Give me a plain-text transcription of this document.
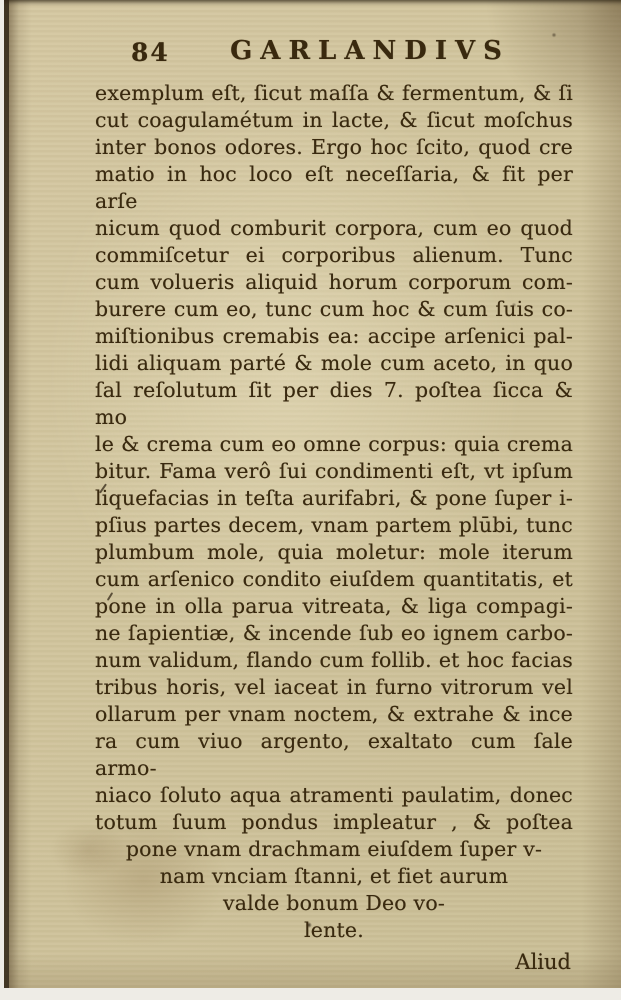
84	GARLANDIVS
exemplum eſt, ſicut maſſa & fermentum, & ſi
cut coagulamétum in lacte, & ſicut moſchus
inter bonos odores. Ergo hoc ſcito, quod cre
matio in hoc loco eſt neceſſaria, & fit per arſe
nicum quod comburit corpora, cum eo quod
commiſcetur ei corporibus alienum. Tunc
cum volueris aliquid horum corporum com-
burere cum eo, tunc cum hoc & cum ſuis co-
miſtionibus cremabis ea: accipe arſenici pal-
lidi aliquam parté & mole cum aceto, in quo
ſal reſolutum ſit per dies 7. poſtea ſicca & mo
le & crema cum eo omne corpus: quia crema
bitur. Fama verô ſui condimenti eſt, vt ipſum
liquefacias in teſta aurifabri, & pone ſuper i-
pſius partes decem, vnam partem plūbi, tunc
plumbum mole, quia moletur: mole iterum
cum arſenico condito eiuſdem quantitatis, et
pone in olla parua vitreata, & liga compagi-
ne ſapientiæ, & incende ſub eo ignem carbo-
num validum, flando cum follib. et hoc facias
tribus horis, vel iaceat in furno vitrorum vel
ollarum per vnam noctem, & extrahe & ince
ra cum viuo argento, exaltato cum ſale armo-
niaco ſoluto aqua atramenti paulatim, donec
totum ſuum pondus impleatur , & poſtea
pone vnam drachmam eiuſdem ſuper v-
nam vnciam ſtanni, et fiet aurum
valde bonum Deo vo-
lente.
Aliud
